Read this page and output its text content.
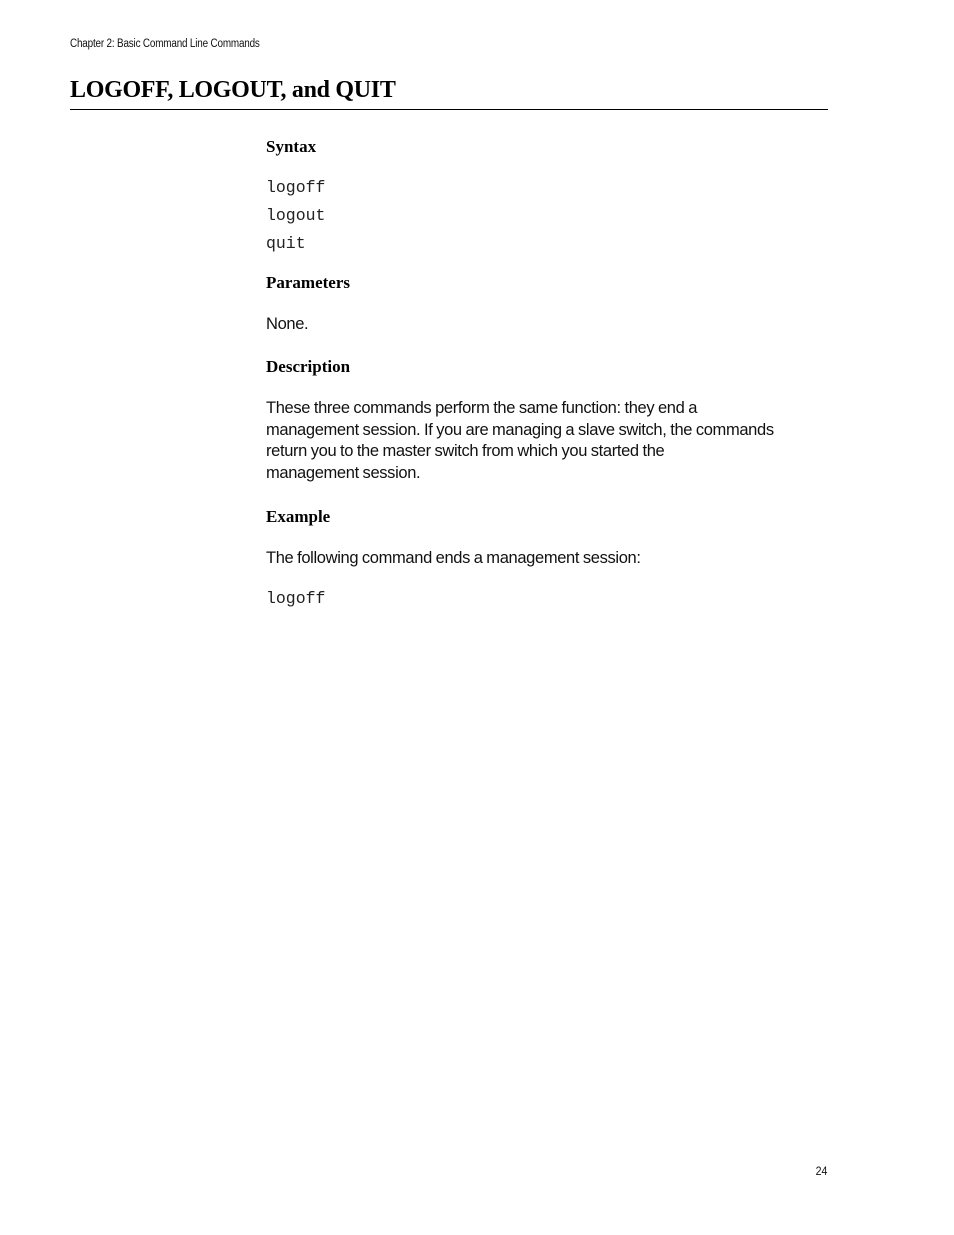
Chapter 2: Basic Command Line Commands
LOGOFF, LOGOUT, and QUIT
Syntax
logoff
logout
quit
Parameters

None.

Description
These three commands perform the same function: they end a
management session. If you are managing a slave switch, the commands
return you to the master switch from which you started the
management session.
Example

The following command ends a management session:

logoff
24
